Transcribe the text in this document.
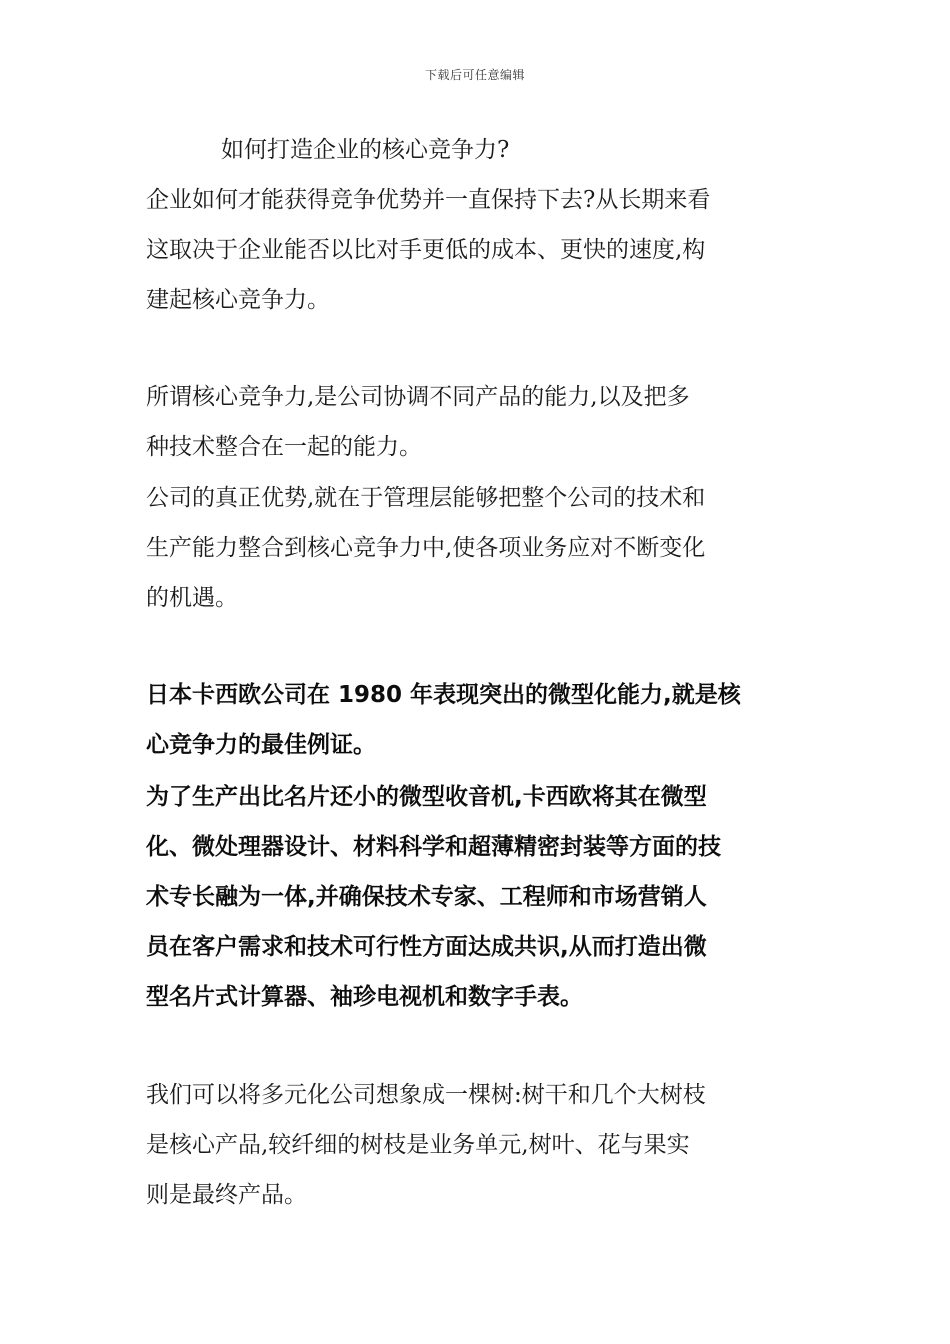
下载后可任意编辑
如何打造企业的核心竞争力?

企业如何才能获得竞争优势并一直保持下去?从长期来看
这取决于企业能否以比对手更低的成本、更快的速度,构
建起核心竞争力。

所谓核心竞争力,是公司协调不同产品的能力,以及把多
种技术整合在一起的能力。

公司的真正优势,就在于管理层能够把整个公司的技术和
生产能力整合到核心竞争力中,使各项业务应对不断变化
的机遇。

日本卡西欧公司在 1980 年表现突出的微型化能力,就是核
心竞争力的最佳例证。

为了生产出比名片还小的微型收音机,卡西欧将其在微型
化、微处理器设计、材料科学和超薄精密封装等方面的技
术专长融为一体,并确保技术专家、工程师和市场营销人
员在客户需求和技术可行性方面达成共识,从而打造出微
型名片式计算器、袖珍电视机和数字手表。

我们可以将多元化公司想象成一棵树:树干和几个大树枝
是核心产品,较纤细的树枝是业务单元,树叶、花与果实
则是最终产品。
